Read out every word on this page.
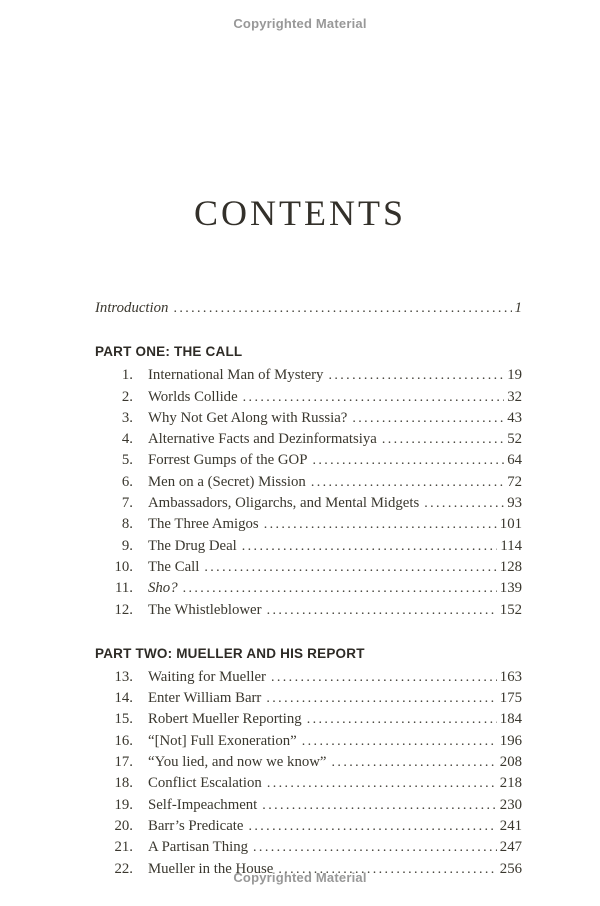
Copyrighted Material
CONTENTS
Introduction .....	1
PART ONE: THE CALL
1. International Man of Mystery .....	19
2. Worlds Collide .....	32
3. Why Not Get Along with Russia? .....	43
4. Alternative Facts and Dezinformatsiya .....	52
5. Forrest Gumps of the GOP .....	64
6. Men on a (Secret) Mission .....	72
7. Ambassadors, Oligarchs, and Mental Midgets .....	93
8. The Three Amigos .....	101
9. The Drug Deal .....	114
10. The Call .....	128
11. Sho? .....	139
12. The Whistleblower .....	152
PART TWO: MUELLER AND HIS REPORT
13. Waiting for Mueller .....	163
14. Enter William Barr .....	175
15. Robert Mueller Reporting .....	184
16. “[Not] Full Exoneration” .....	196
17. “You lied, and now we know” .....	208
18. Conflict Escalation .....	218
19. Self-Impeachment .....	230
20. Barr’s Predicate .....	241
21. A Partisan Thing .....	247
22. Mueller in the House .....	256
Copyrighted Material
